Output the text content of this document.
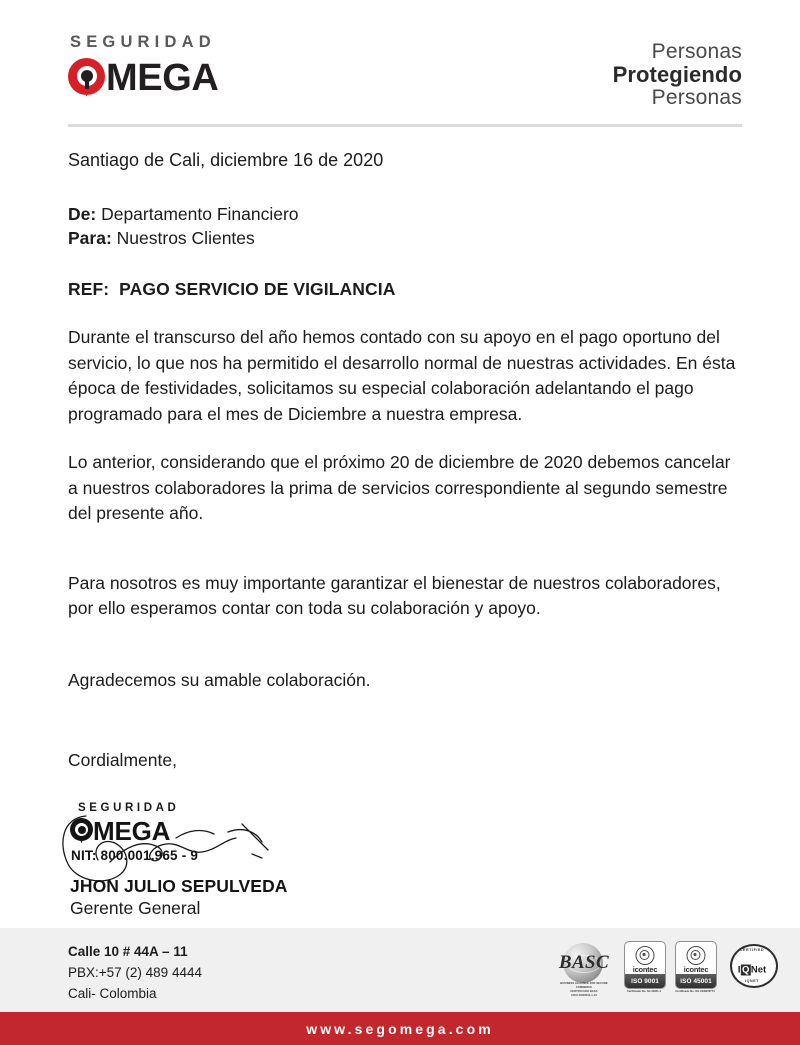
SEGURIDAD
MEGA
Personas
Protegiendo
Personas
Santiago de Cali, diciembre 16 de 2020
De: Departamento Financiero
Para: Nuestros Clientes
REF: PAGO SERVICIO DE VIGILANCIA

Durante el transcurso del año hemos contado con su apoyo en el pago oportuno del servicio, lo que nos ha permitido el desarrollo normal de nuestras actividades. En ésta época de festividades, solicitamos su especial colaboración adelantando el pago programado para el mes de Diciembre a nuestra empresa.

Lo anterior, considerando que el próximo 20 de diciembre de 2020 debemos cancelar a nuestros colaboradores la prima de servicios correspondiente al segundo semestre del presente año.

Para nosotros es muy importante garantizar el bienestar de nuestros colaboradores, por ello esperamos contar con toda su colaboración y apoyo.

Agradecemos su amable colaboración.

Cordialmente,
SEGURIDAD
MEGA
NIT: 800.001.965 - 9
JHON JULIO SEPULVEDA
Gerente General
Calle 10 # 44A – 11
PBX:+57 (2) 489 4444
Cali- Colombia
BASC
BUSINESS ALLIANCE FOR SECURE COMMERCE
CERTIFICADO BASC
COCLO000004-1-13
icontec
ISO 9001
Certificado No. SC-CER1-1
icontec
ISO 45001
Certificado No. OS-CER278774
CERTIFIED
I Q Net
IQNET
www.segomega.com
